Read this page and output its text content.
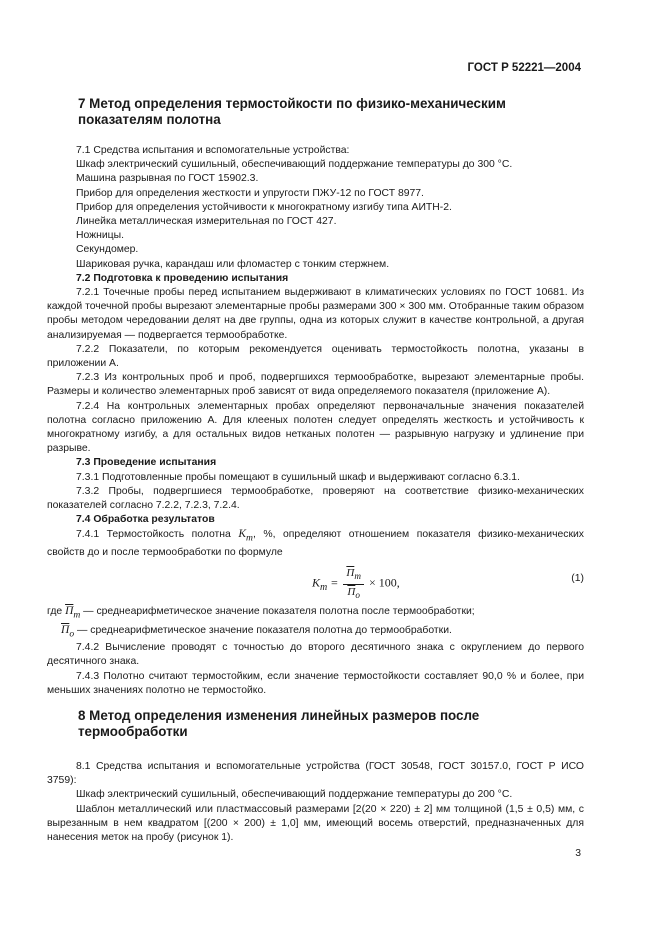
ГОСТ Р 52221—2004
7 Метод определения термостойкости по физико-механическим показателям полотна

7.1 Средства испытания и вспомогательные устройства:

Шкаф электрический сушильный, обеспечивающий поддержание температуры до 300 °С.

Машина разрывная по ГОСТ 15902.3.

Прибор для определения жесткости и упругости ПЖУ-12 по ГОСТ 8977.

Прибор для определения устойчивости к многократному изгибу типа АИТН-2.

Линейка металлическая измерительная по ГОСТ 427.

Ножницы.

Секундомер.

Шариковая ручка, карандаш или фломастер с тонким стержнем.

7.2 Подготовка к проведению испытания

7.2.1 Точечные пробы перед испытанием выдерживают в климатических условиях по ГОСТ 10681. Из каждой точечной пробы вырезают элементарные пробы размерами 300 × 300 мм. Отобранные таким образом пробы методом чередовании делят на две группы, одна из которых служит в качестве контрольной, а другая анализируемая — подвергается термообработке.

7.2.2 Показатели, по которым рекомендуется оценивать термостойкость полотна, указаны в приложении А.

7.2.3 Из контрольных проб и проб, подвергшихся термообработке, вырезают элементарные пробы. Размеры и количество элементарных проб зависят от вида определяемого показателя (приложение А).

7.2.4 На контрольных элементарных пробах определяют первоначальные значения показателей полотна согласно приложению А. Для клееных полотен следует определять жесткость и устойчивость к многократному изгибу, а для остальных видов нетканых полотен — разрывную нагрузку и удлинение при разрыве.

7.3 Проведение испытания

7.3.1 Подготовленные пробы помещают в сушильный шкаф и выдерживают согласно 6.3.1.

7.3.2 Пробы, подвергшиеся термообработке, проверяют на соответствие физико-механических показателей согласно 7.2.2, 7.2.3, 7.2.4.

7.4 Обработка результатов

7.4.1 Термостойкость полотна $K_т$, %, определяют отношением показателя физико-механических свойств до и после термообработки по формуле

$K_т = \frac{П_т}{П_о} \times 100$,	(1)

где $П_т$ — среднеарифметическое значение показателя полотна после термообработки;

$П_о$ — среднеарифметическое значение показателя полотна до термообработки.

7.4.2 Вычисление проводят с точностью до второго десятичного знака с округлением до первого десятичного знака.

7.4.3 Полотно считают термостойким, если значение термостойкости составляет 90,0 % и более, при меньших значениях полотно не термостойко.

8 Метод определения изменения линейных размеров после термообработки

8.1 Средства испытания и вспомогательные устройства (ГОСТ 30548, ГОСТ 30157.0, ГОСТ Р ИСО 3759):

Шкаф электрический сушильный, обеспечивающий поддержание температуры до 200 °С.

Шаблон металлический или пластмассовый размерами [2(20 × 220) ± 2] мм толщиной (1,5 ± 0,5) мм, с вырезанным в нем квадратом [(200 × 200) ± 1,0] мм, имеющий восемь отверстий, предназначенных для нанесения меток на пробу (рисунок 1).

3
